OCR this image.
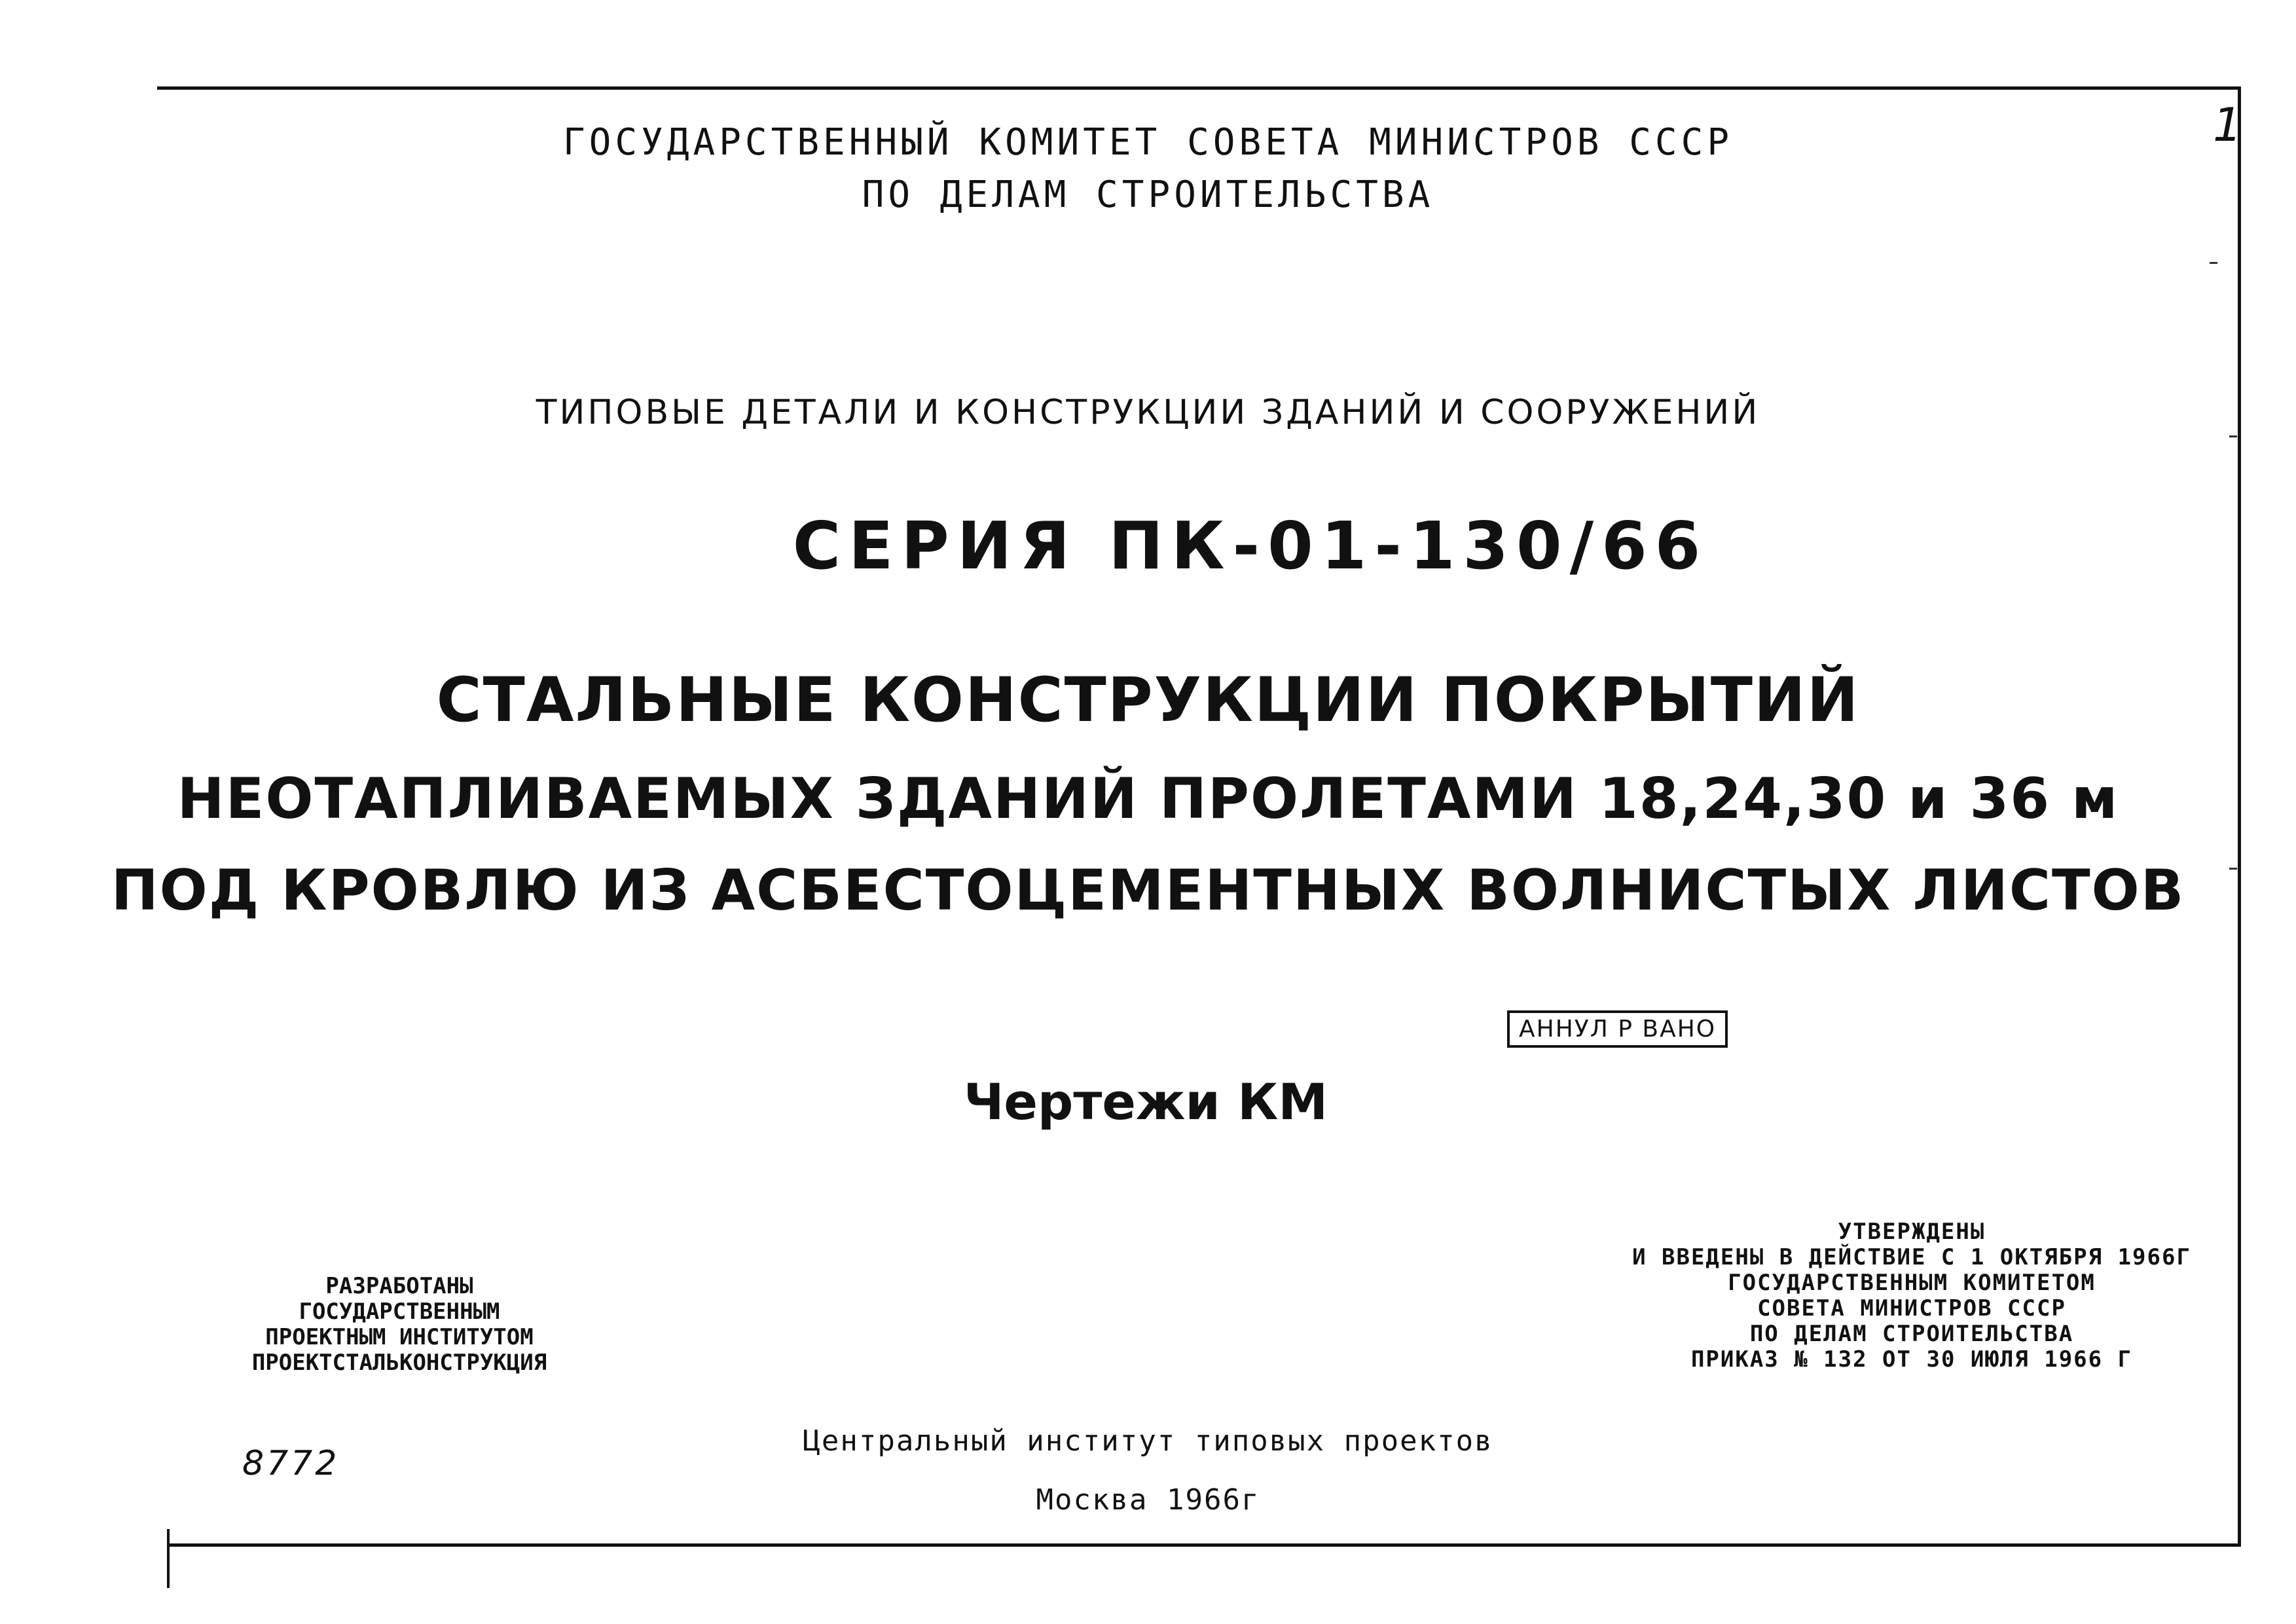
1
ГОСУДАРСТВЕННЫЙ КОМИТЕТ СОВЕТА МИНИСТРОВ СССР
ПО ДЕЛАМ СТРОИТЕЛЬСТВА
ТИПОВЫЕ ДЕТАЛИ И КОНСТРУКЦИИ ЗДАНИЙ И СООРУЖЕНИЙ
СЕРИЯ ПК-01-130/66
СТАЛЬНЫЕ КОНСТРУКЦИИ ПОКРЫТИЙ
НЕОТАПЛИВАЕМЫХ ЗДАНИЙ ПРОЛЕТАМИ 18,24,30 и 36 м
ПОД КРОВЛЮ ИЗ АСБЕСТОЦЕМЕНТНЫХ ВОЛНИСТЫХ ЛИСТОВ
АННУЛ Р ВАНО
Чертежи КМ
РАЗРАБОТАНЫ
ГОСУДАРСТВЕННЫМ
ПРОЕКТНЫМ ИНСТИТУТОМ
ПРОЕКТСТАЛЬКОНСТРУКЦИЯ
УТВЕРЖДЕНЫ
И ВВЕДЕНЫ В ДЕЙСТВИЕ С 1 ОКТЯБРЯ 1966Г
ГОСУДАРСТВЕННЫМ КОМИТЕТОМ
СОВЕТА МИНИСТРОВ СССР
ПО ДЕЛАМ СТРОИТЕЛЬСТВА
ПРИКАЗ № 132 ОТ 30 ИЮЛЯ 1966 Г
8772
Центральный институт типовых проектов
Москва 1966г
